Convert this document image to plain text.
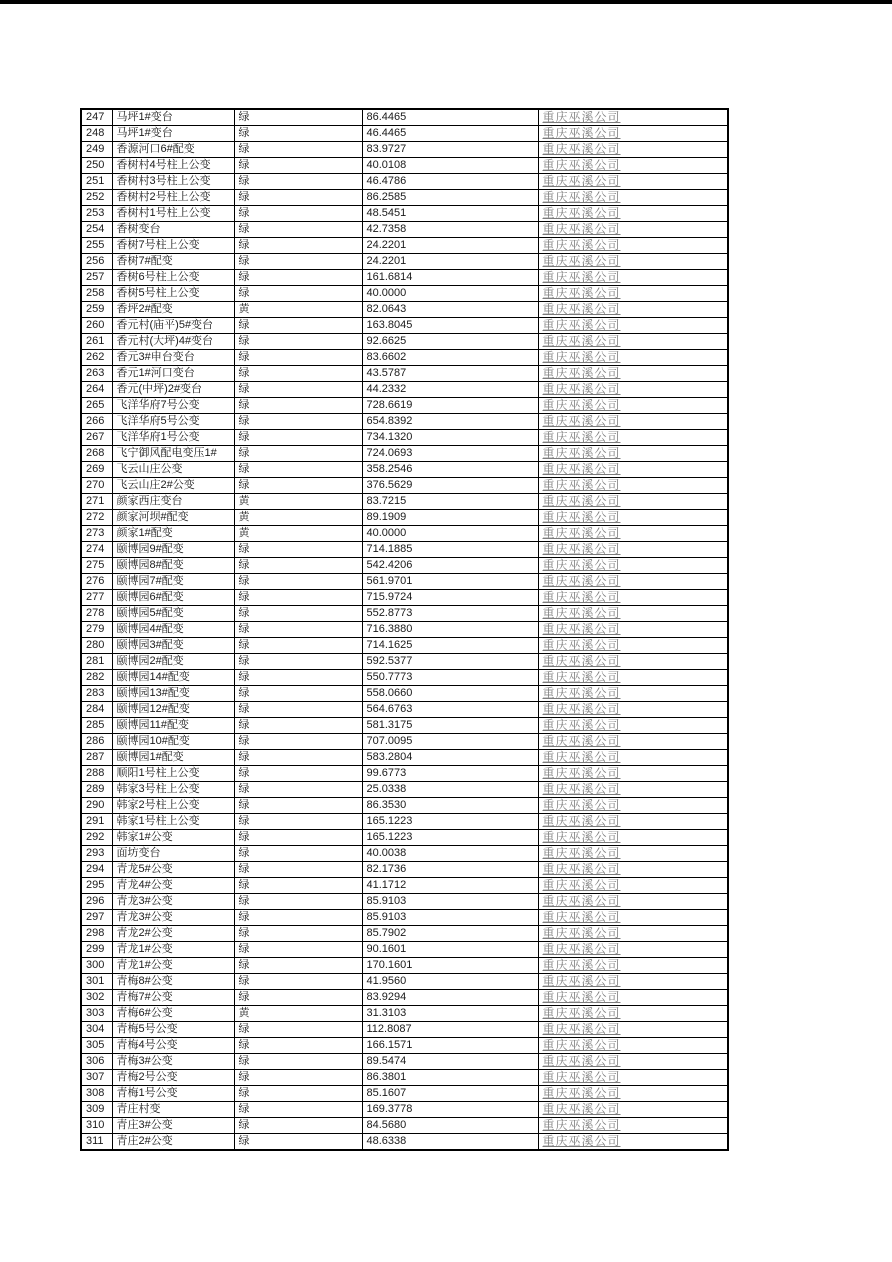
247	马坪1#变台	绿	86.4465	重庆巫溪公司
248	马坪1#变台	绿	46.4465	重庆巫溪公司
249	香源河口6#配变	绿	83.9727	重庆巫溪公司
250	香树村4号柱上公变	绿	40.0108	重庆巫溪公司
251	香树村3号柱上公变	绿	46.4786	重庆巫溪公司
252	香树村2号柱上公变	绿	86.2585	重庆巫溪公司
253	香树村1号柱上公变	绿	48.5451	重庆巫溪公司
254	香树变台	绿	42.7358	重庆巫溪公司
255	香树7号柱上公变	绿	24.2201	重庆巫溪公司
256	香树7#配变	绿	24.2201	重庆巫溪公司
257	香树6号柱上公变	绿	161.6814	重庆巫溪公司
258	香树5号柱上公变	绿	40.0000	重庆巫溪公司
259	香坪2#配变	黄	82.0643	重庆巫溪公司
260	香元村(庙平)5#变台	绿	163.8045	重庆巫溪公司
261	香元村(大坪)4#变台	绿	92.6625	重庆巫溪公司
262	香元3#申台变台	绿	83.6602	重庆巫溪公司
263	香元1#河口变台	绿	43.5787	重庆巫溪公司
264	香元(中坪)2#变台	绿	44.2332	重庆巫溪公司
265	飞洋华府7号公变	绿	728.6619	重庆巫溪公司
266	飞洋华府5号公变	绿	654.8392	重庆巫溪公司
267	飞洋华府1号公变	绿	734.1320	重庆巫溪公司
268	飞宁御风配电变压1#	绿	724.0693	重庆巫溪公司
269	飞云山庄公变	绿	358.2546	重庆巫溪公司
270	飞云山庄2#公变	绿	376.5629	重庆巫溪公司
271	颜家西庄变台	黄	83.7215	重庆巫溪公司
272	颜家河坝#配变	黄	89.1909	重庆巫溪公司
273	颜家1#配变	黄	40.0000	重庆巫溪公司
274	颐博园9#配变	绿	714.1885	重庆巫溪公司
275	颐博园8#配变	绿	542.4206	重庆巫溪公司
276	颐博园7#配变	绿	561.9701	重庆巫溪公司
277	颐博园6#配变	绿	715.9724	重庆巫溪公司
278	颐博园5#配变	绿	552.8773	重庆巫溪公司
279	颐博园4#配变	绿	716.3880	重庆巫溪公司
280	颐博园3#配变	绿	714.1625	重庆巫溪公司
281	颐博园2#配变	绿	592.5377	重庆巫溪公司
282	颐博园14#配变	绿	550.7773	重庆巫溪公司
283	颐博园13#配变	绿	558.0660	重庆巫溪公司
284	颐博园12#配变	绿	564.6763	重庆巫溪公司
285	颐博园11#配变	绿	581.3175	重庆巫溪公司
286	颐博园10#配变	绿	707.0095	重庆巫溪公司
287	颐博园1#配变	绿	583.2804	重庆巫溪公司
288	顺阳1号柱上公变	绿	99.6773	重庆巫溪公司
289	韩家3号柱上公变	绿	25.0338	重庆巫溪公司
290	韩家2号柱上公变	绿	86.3530	重庆巫溪公司
291	韩家1号柱上公变	绿	165.1223	重庆巫溪公司
292	韩家1#公变	绿	165.1223	重庆巫溪公司
293	面坊变台	绿	40.0038	重庆巫溪公司
294	青龙5#公变	绿	82.1736	重庆巫溪公司
295	青龙4#公变	绿	41.1712	重庆巫溪公司
296	青龙3#公变	绿	85.9103	重庆巫溪公司
297	青龙3#公变	绿	85.9103	重庆巫溪公司
298	青龙2#公变	绿	85.7902	重庆巫溪公司
299	青龙1#公变	绿	90.1601	重庆巫溪公司
300	青龙1#公变	绿	170.1601	重庆巫溪公司
301	青梅8#公变	绿	41.9560	重庆巫溪公司
302	青梅7#公变	绿	83.9294	重庆巫溪公司
303	青梅6#公变	黄	31.3103	重庆巫溪公司
304	青梅5号公变	绿	112.8087	重庆巫溪公司
305	青梅4号公变	绿	166.1571	重庆巫溪公司
306	青梅3#公变	绿	89.5474	重庆巫溪公司
307	青梅2号公变	绿	86.3801	重庆巫溪公司
308	青梅1号公变	绿	85.1607	重庆巫溪公司
309	青庄村变	绿	169.3778	重庆巫溪公司
310	青庄3#公变	绿	84.5680	重庆巫溪公司
311	青庄2#公变	绿	48.6338	重庆巫溪公司
